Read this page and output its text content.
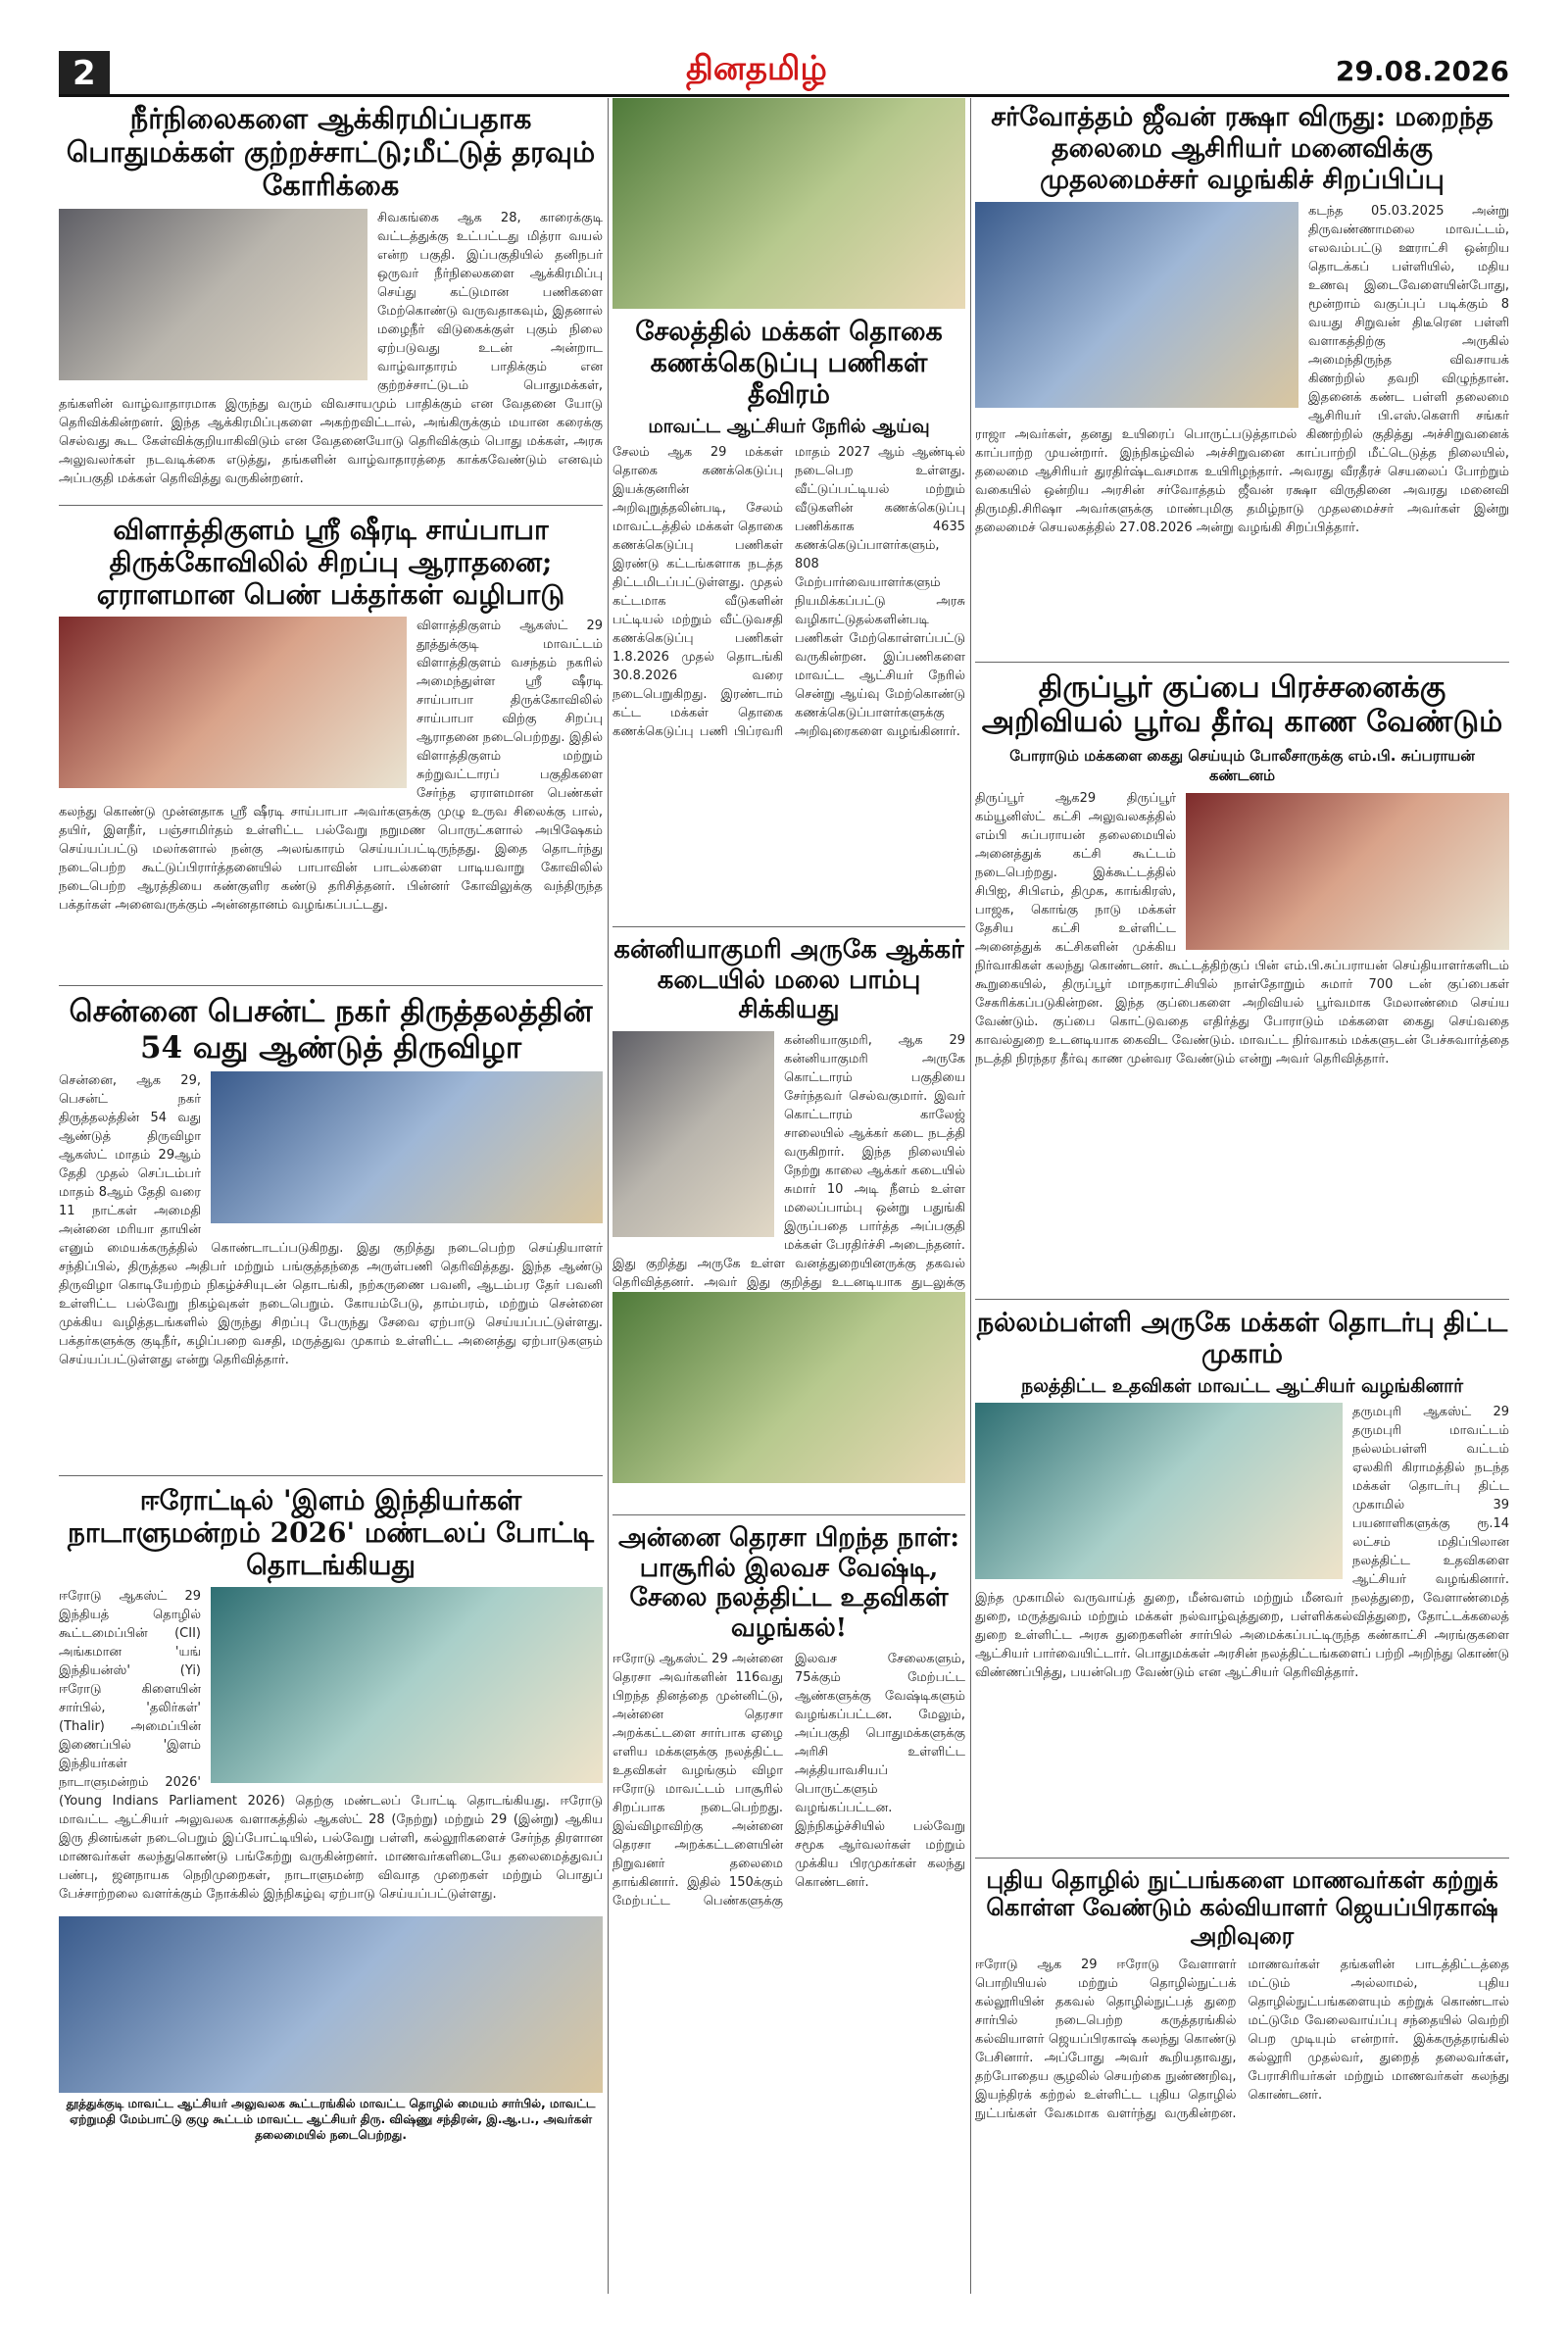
2	தினதமிழ்	29.08.2026
நீர்நிலைகளை ஆக்கிரமிப்பதாக பொதுமக்கள் குற்றச்சாட்டு;மீட்டுத் தரவும் கோரிக்கை
சிவகங்கை ஆக 28, காரைக்குடி வட்டத்துக்கு உட்பட்டது மித்ரா வயல் என்ற பகுதி. இப்பகுதியில் தனிநபர் ஒருவர் நீர்நிலைகளை ஆக்கிரமிப்பு செய்து கட்டுமான பணிகளை மேற்கொண்டு வருவதாகவும், இதனால் மழைநீர் விடுகைக்குள் புகும் நிலை ஏற்படுவது உடன் அன்றாட வாழ்வாதாரம் பாதிக்கும் என குற்றச்சாட்டுடம் பொதுமக்கள், தங்களின் வாழ்வாதாரமாக இருந்து வரும் விவசாயமும் பாதிக்கும் என வேதனை யோடு தெரிவிக்கின்றனர். இந்த ஆக்கிரமிப்புகளை அகற்றவிட்டால், அங்கிருக்கும் மயான கரைக்கு செல்வது கூட கேள்விக்குறியாகிவிடும் என வேதனையோடு தெரிவிக்கும் பொது மக்கள், அரசு அலுவலர்கள் நடவடிக்கை எடுத்து, தங்களின் வாழ்வாதாரத்தை காக்கவேண்டும் எனவும் அப்பகுதி மக்கள் தெரிவித்து வருகின்றனர்.
விளாத்திகுளம் ஸ்ரீ ஷீரடி சாய்பாபா திருக்கோவிலில் சிறப்பு ஆராதனை; ஏராளமான பெண் பக்தர்கள் வழிபாடு
விளாத்திகுளம் ஆகஸ்ட் 29 தூத்துக்குடி மாவட்டம் விளாத்திகுளம் வசந்தம் நகரில் அமைந்துள்ள ஸ்ரீ ஷீரடி சாய்பாபா திருக்கோவிலில் சாய்பாபா விற்கு சிறப்பு ஆராதனை நடைபெற்றது. இதில் விளாத்திகுளம் மற்றும் சுற்றுவட்டாரப் பகுதிகளை சேர்ந்த ஏராளமான பெண்கள் கலந்து கொண்டு முன்னதாக ஸ்ரீ ஷீரடி சாய்பாபா அவர்களுக்கு முழு உருவ சிலைக்கு பால், தயிர், இளநீர், பஞ்சாமிர்தம் உள்ளிட்ட பல்வேறு நறுமண பொருட்களால் அபிஷேகம் செய்யப்பட்டு மலர்களால் நன்கு அலங்காரம் செய்யப்பட்டிருந்தது. இதை தொடர்ந்து நடைபெற்ற கூட்டுப்பிரார்த்தனையில் பாபாவின் பாடல்களை பாடியவாறு கோவிலில் நடைபெற்ற ஆரத்தியை கண்குளிர கண்டு தரிசித்தனர். பின்னர் கோவிலுக்கு வந்திருந்த பக்தர்கள் அனைவருக்கும் அன்னதானம் வழங்கப்பட்டது.
சென்னை பெசன்ட் நகர் திருத்தலத்தின் 54 வது ஆண்டுத் திருவிழா
சென்னை, ஆக 29, பெசன்ட் நகர் திருத்தலத்தின் 54 வது ஆண்டுத் திருவிழா ஆகஸ்ட் மாதம் 29ஆம் தேதி முதல் செப்டம்பர் மாதம் 8ஆம் தேதி வரை 11 நாட்கள் அமைதி அன்னை மரியா தாயின் எனும் மையக்கருத்தில் கொண்டாடப்படுகிறது. இது குறித்து நடைபெற்ற செய்தியாளர் சந்திப்பில், திருத்தல அதிபர் மற்றும் பங்குத்தந்தை அருள்பணி தெரிவித்தது. இந்த ஆண்டு திருவிழா கொடியேற்றம் நிகழ்ச்சியுடன் தொடங்கி, நற்கருணை பவனி, ஆடம்பர தேர் பவனி உள்ளிட்ட பல்வேறு நிகழ்வுகள் நடைபெறும். கோயம்பேடு, தாம்பரம், மற்றும் சென்னை முக்கிய வழித்தடங்களில் இருந்து சிறப்பு பேருந்து சேவை ஏற்பாடு செய்யப்பட்டுள்ளது. பக்தர்களுக்கு குடிநீர், கழிப்பறை வசதி, மருத்துவ முகாம் உள்ளிட்ட அனைத்து ஏற்பாடுகளும் செய்யப்பட்டுள்ளது என்று தெரிவித்தார்.
ஈரோட்டில் 'இளம் இந்தியர்கள் நாடாளுமன்றம் 2026' மண்டலப் போட்டி தொடங்கியது
ஈரோடு ஆகஸ்ட் 29 இந்தியத் தொழில் கூட்டமைப்பின் (CII) அங்கமான 'யங் இந்தியன்ஸ்' (Yi) ஈரோடு கிளையின் சார்பில், 'தலிர்கள்' (Thalir) அமைப்பின் இணைப்பில் 'இளம் இந்தியர்கள் நாடாளுமன்றம் 2026' (Young Indians Parliament 2026) தெற்கு மண்டலப் போட்டி தொடங்கியது. ஈரோடு மாவட்ட ஆட்சியர் அலுவலக வளாகத்தில் ஆகஸ்ட் 28 (நேற்று) மற்றும் 29 (இன்று) ஆகிய இரு தினங்கள் நடைபெறும் இப்போட்டியில், பல்வேறு பள்ளி, கல்லூரிகளைச் சேர்ந்த திரளான மாணவர்கள் கலந்துகொண்டு பங்கேற்று வருகின்றனர். மாணவர்களிடையே தலைமைத்துவப் பண்பு, ஜனநாயக நெறிமுறைகள், நாடாளுமன்ற விவாத முறைகள் மற்றும் பொதுப் பேச்சாற்றலை வளர்க்கும் நோக்கில் இந்நிகழ்வு ஏற்பாடு செய்யப்பட்டுள்ளது.
தூத்துக்குடி மாவட்ட ஆட்சியர் அலுவலக கூட்டரங்கில் மாவட்ட தொழில் மையம் சார்பில், மாவட்ட ஏற்றுமதி மேம்பாட்டு குழு கூட்டம் மாவட்ட ஆட்சியர் திரு. விஷ்ணு சந்திரன், இ.ஆ.ப., அவர்கள் தலைமையில் நடைபெற்றது.
சேலத்தில் மக்கள் தொகை கணக்கெடுப்பு பணிகள் தீவிரம்
மாவட்ட ஆட்சியர் நேரில் ஆய்வு
சேலம் ஆக 29 மக்கள் தொகை கணக்கெடுப்பு இயக்குனரின் அறிவுறுத்தலின்படி, சேலம் மாவட்டத்தில் மக்கள் தொகை கணக்கெடுப்பு பணிகள் இரண்டு கட்டங்களாக நடத்த திட்டமிடப்பட்டுள்ளது. முதல் கட்டமாக வீடுகளின் பட்டியல் மற்றும் வீட்டுவசதி கணக்கெடுப்பு பணிகள் 1.8.2026 முதல் தொடங்கி 30.8.2026 வரை நடைபெறுகிறது. இரண்டாம் கட்ட மக்கள் தொகை கணக்கெடுப்பு பணி பிப்ரவரி மாதம் 2027 ஆம் ஆண்டில் நடைபெற உள்ளது. வீட்டுப்பட்டியல் மற்றும் வீடுகளின் கணக்கெடுப்பு பணிக்காக 4635 கணக்கெடுப்பாளர்களும், 808 மேற்பார்வையாளர்களும் நியமிக்கப்பட்டு அரசு வழிகாட்டுதல்களின்படி பணிகள் மேற்கொள்ளப்பட்டு வருகின்றன. இப்பணிகளை மாவட்ட ஆட்சியர் நேரில் சென்று ஆய்வு மேற்கொண்டு கணக்கெடுப்பாளர்களுக்கு அறிவுரைகளை வழங்கினார்.
கன்னியாகுமரி அருகே ஆக்கர் கடையில் மலை பாம்பு சிக்கியது
கன்னியாகுமரி, ஆக 29 கன்னியாகுமரி அருகே கொட்டாரம் பகுதியை சேர்ந்தவர் செல்வகுமார். இவர் கொட்டாரம் காலேஜ் சாலையில் ஆக்கர் கடை நடத்தி வருகிறார். இந்த நிலையில் நேற்று காலை ஆக்கர் கடையில் சுமார் 10 அடி நீளம் உள்ள மலைப்பாம்பு ஒன்று பதுங்கி இருப்பதை பார்த்த அப்பகுதி மக்கள் பேரதிர்ச்சி அடைந்தனர். இது குறித்து அருகே உள்ள வனத்துறையினருக்கு தகவல் தெரிவித்தனர். அவர் இது குறித்து உடனடியாக துடலுக்கு
அன்னை தெரசா பிறந்த நாள்: பாசூரில் இலவச வேஷ்டி, சேலை நலத்திட்ட உதவிகள் வழங்கல்!
ஈரோடு ஆகஸ்ட் 29 அன்னை தெரசா அவர்களின் 116வது பிறந்த தினத்தை முன்னிட்டு, அன்னை தெரசா அறக்கட்டளை சார்பாக ஏழை எளிய மக்களுக்கு நலத்திட்ட உதவிகள் வழங்கும் விழா ஈரோடு மாவட்டம் பாசூரில் சிறப்பாக நடைபெற்றது. இவ்விழாவிற்கு அன்னை தெரசா அறக்கட்டளையின் நிறுவனர் தலைமை தாங்கினார். இதில் 150க்கும் மேற்பட்ட பெண்களுக்கு இலவச சேலைகளும், 75க்கும் மேற்பட்ட ஆண்களுக்கு வேஷ்டிகளும் வழங்கப்பட்டன. மேலும், அப்பகுதி பொதுமக்களுக்கு அரிசி உள்ளிட்ட அத்தியாவசியப் பொருட்களும் வழங்கப்பட்டன. இந்நிகழ்ச்சியில் பல்வேறு சமூக ஆர்வலர்கள் மற்றும் முக்கிய பிரமுகர்கள் கலந்து கொண்டனர்.
சர்வோத்தம் ஜீவன் ரக்ஷா விருது: மறைந்த தலைமை ஆசிரியர் மனைவிக்கு முதலமைச்சர் வழங்கிச் சிறப்பிப்பு
கடந்த 05.03.2025 அன்று திருவண்ணாமலை மாவட்டம், எலவம்பட்டு ஊராட்சி ஒன்றிய தொடக்கப் பள்ளியில், மதிய உணவு இடைவேளையின்போது, மூன்றாம் வகுப்புப் படிக்கும் 8 வயது சிறுவன் திடீரென பள்ளி வளாகத்திற்கு அருகில் அமைந்திருந்த விவசாயக் கிணற்றில் தவறி விழுந்தான். இதனைக் கண்ட பள்ளி தலைமை ஆசிரியர் பி.எஸ்.கௌரி சங்கர் ராஜா அவர்கள், தனது உயிரைப் பொருட்படுத்தாமல் கிணற்றில் குதித்து அச்சிறுவனைக் காப்பாற்ற முயன்றார். இந்நிகழ்வில் அச்சிறுவனை காப்பாற்றி மீட்டெடுத்த நிலையில், தலைமை ஆசிரியர் துரதிர்ஷ்டவசமாக உயிரிழந்தார். அவரது வீரதீரச் செயலைப் போற்றும் வகையில் ஒன்றிய அரசின் சர்வோத்தம் ஜீவன் ரக்ஷா விருதினை அவரது மனைவி திருமதி.சிரிஷா அவர்களுக்கு மாண்புமிகு தமிழ்நாடு முதலமைச்சர் அவர்கள் இன்று தலைமைச் செயலகத்தில் 27.08.2026 அன்று வழங்கி சிறப்பித்தார்.
திருப்பூர் குப்பை பிரச்சனைக்கு அறிவியல் பூர்வ தீர்வு காண வேண்டும்
போராடும் மக்களை கைது செய்யும் போலீசாருக்கு எம்.பி. சுப்பராயன் கண்டனம்
திருப்பூர் ஆக29 திருப்பூர் கம்யூனிஸ்ட் கட்சி அலுவலகத்தில் எம்பி சுப்பராயன் தலைமையில் அனைத்துக் கட்சி கூட்டம் நடைபெற்றது. இக்கூட்டத்தில் சிபிஐ, சிபிஎம், திமுக, காங்கிரஸ், பாஜக, கொங்கு நாடு மக்கள் தேசிய கட்சி உள்ளிட்ட அனைத்துக் கட்சிகளின் முக்கிய நிர்வாகிகள் கலந்து கொண்டனர். கூட்டத்திற்குப் பின் எம்.பி.சுப்பராயன் செய்தியாளர்களிடம் கூறுகையில், திருப்பூர் மாநகராட்சியில் நாள்தோறும் சுமார் 700 டன் குப்பைகள் சேகரிக்கப்படுகின்றன. இந்த குப்பைகளை அறிவியல் பூர்வமாக மேலாண்மை செய்ய வேண்டும். குப்பை கொட்டுவதை எதிர்த்து போராடும் மக்களை கைது செய்வதை காவல்துறை உடனடியாக கைவிட வேண்டும். மாவட்ட நிர்வாகம் மக்களுடன் பேச்சுவார்த்தை நடத்தி நிரந்தர தீர்வு காண முன்வர வேண்டும் என்று அவர் தெரிவித்தார்.
நல்லம்பள்ளி அருகே மக்கள் தொடர்பு திட்ட முகாம்
நலத்திட்ட உதவிகள் மாவட்ட ஆட்சியர் வழங்கினார்
தருமபுரி ஆகஸ்ட் 29 தருமபுரி மாவட்டம் நல்லம்பள்ளி வட்டம் ஏலகிரி கிராமத்தில் நடந்த மக்கள் தொடர்பு திட்ட முகாமில் 39 பயனாளிகளுக்கு ரூ.14 லட்சம் மதிப்பிலான நலத்திட்ட உதவிகளை ஆட்சியர் வழங்கினார். இந்த முகாமில் வருவாய்த் துறை, மீன்வளம் மற்றும் மீனவர் நலத்துறை, வேளாண்மைத் துறை, மருத்துவம் மற்றும் மக்கள் நல்வாழ்வுத்துறை, பள்ளிக்கல்வித்துறை, தோட்டக்கலைத் துறை உள்ளிட்ட அரசு துறைகளின் சார்பில் அமைக்கப்பட்டிருந்த கண்காட்சி அரங்குகளை ஆட்சியர் பார்வையிட்டார். பொதுமக்கள் அரசின் நலத்திட்டங்களைப் பற்றி அறிந்து கொண்டு விண்ணப்பித்து, பயன்பெற வேண்டும் என ஆட்சியர் தெரிவித்தார்.
புதிய தொழில் நுட்பங்களை மாணவர்கள் கற்றுக் கொள்ள வேண்டும் கல்வியாளர் ஜெயப்பிரகாஷ் அறிவுரை
ஈரோடு ஆக 29 ஈரோடு வேளாளர் பொறியியல் மற்றும் தொழில்நுட்பக் கல்லூரியின் தகவல் தொழில்நுட்பத் துறை சார்பில் நடைபெற்ற கருத்தரங்கில் கல்வியாளர் ஜெயப்பிரகாஷ் கலந்து கொண்டு பேசினார். அப்போது அவர் கூறியதாவது, தற்போதைய சூழலில் செயற்கை நுண்ணறிவு, இயந்திரக் கற்றல் உள்ளிட்ட புதிய தொழில் நுட்பங்கள் வேகமாக வளர்ந்து வருகின்றன. மாணவர்கள் தங்களின் பாடத்திட்டத்தை மட்டும் அல்லாமல், புதிய தொழில்நுட்பங்களையும் கற்றுக் கொண்டால் மட்டுமே வேலைவாய்ப்பு சந்தையில் வெற்றி பெற முடியும் என்றார். இக்கருத்தரங்கில் கல்லூரி முதல்வர், துறைத் தலைவர்கள், பேராசிரியர்கள் மற்றும் மாணவர்கள் கலந்து கொண்டனர்.
